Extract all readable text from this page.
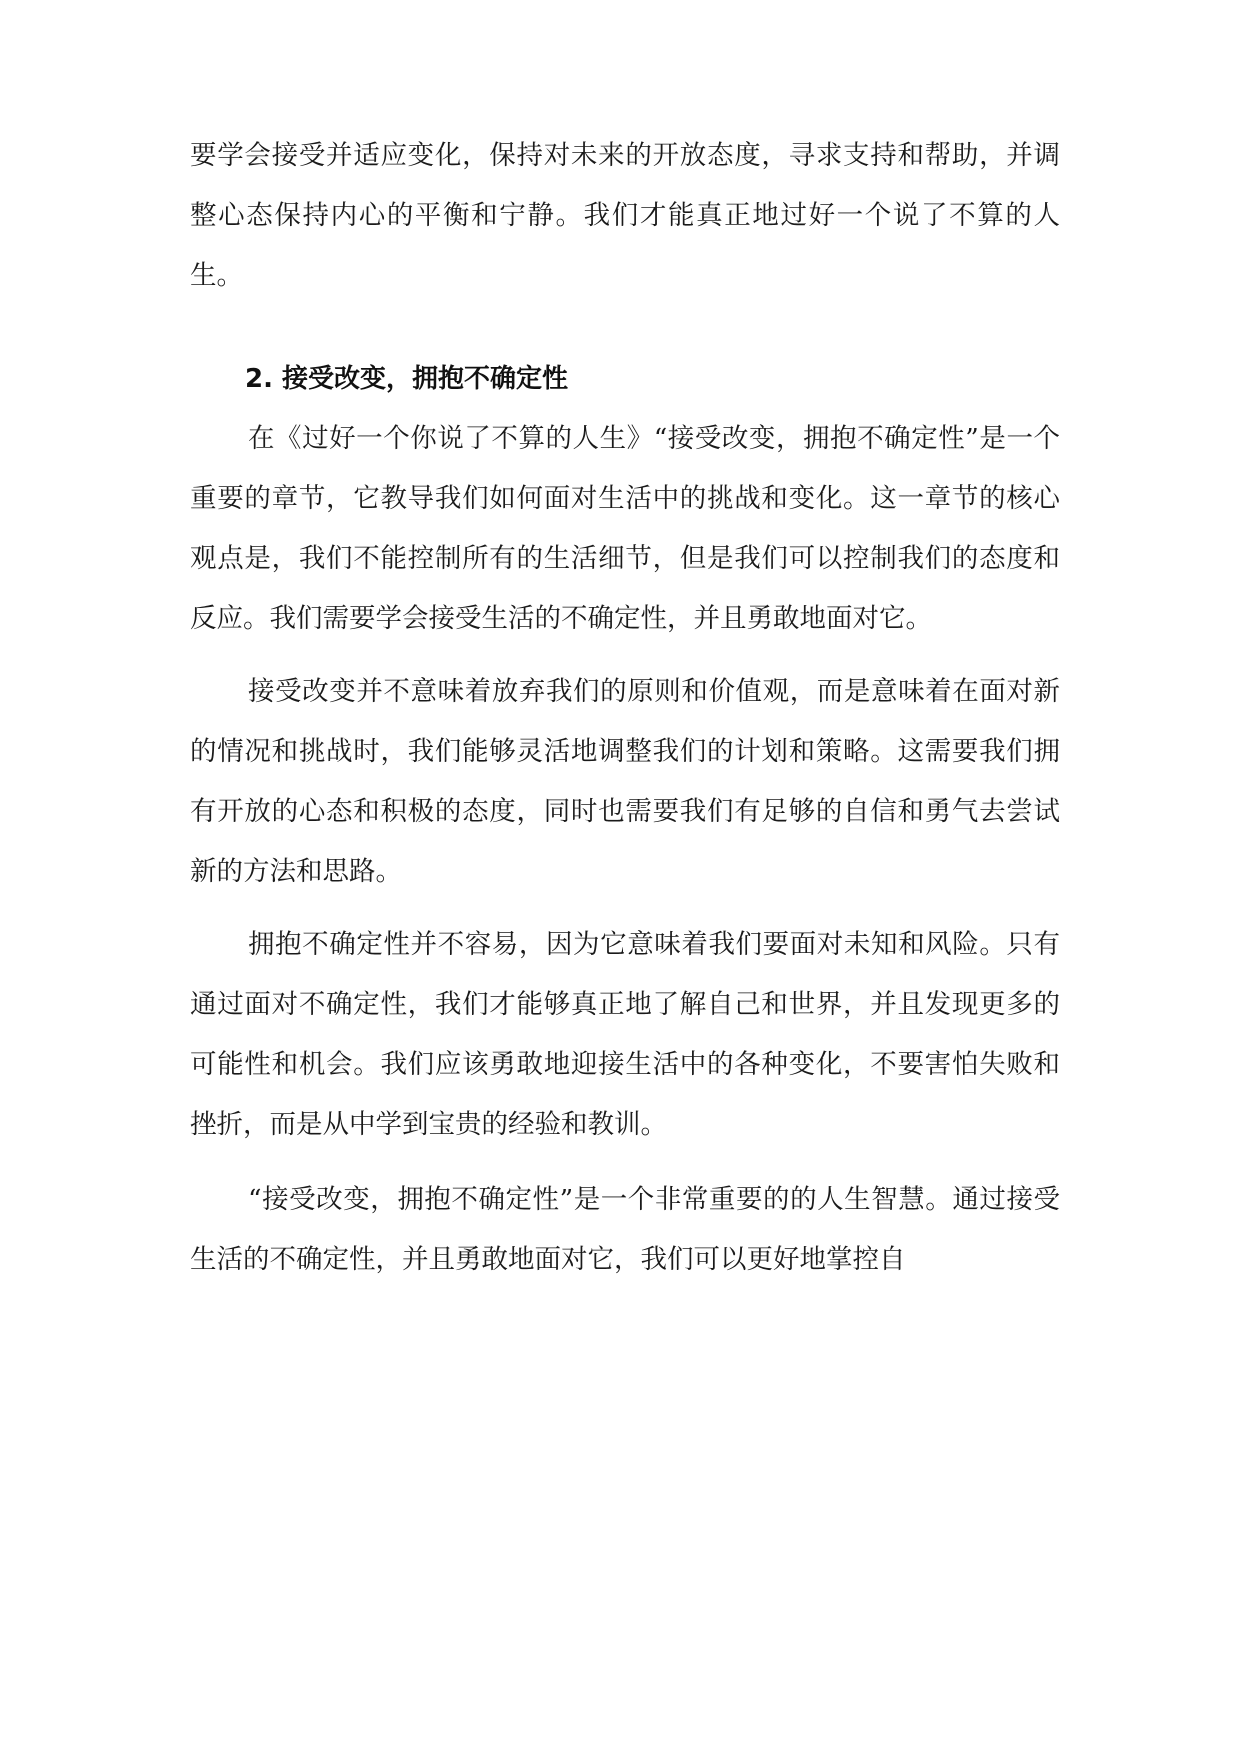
要学会接受并适应变化，保持对未来的开放态度，寻求支持和帮助，并调整心态保持内心的平衡和宁静。我们才能真正地过好一个说了不算的人生。

2. 接受改变，拥抱不确定性

在《过好一个你说了不算的人生》“接受改变，拥抱不确定性”是一个重要的章节，它教导我们如何面对生活中的挑战和变化。这一章节的核心观点是，我们不能控制所有的生活细节，但是我们可以控制我们的态度和反应。我们需要学会接受生活的不确定性，并且勇敢地面对它。

接受改变并不意味着放弃我们的原则和价值观，而是意味着在面对新的情况和挑战时，我们能够灵活地调整我们的计划和策略。这需要我们拥有开放的心态和积极的态度，同时也需要我们有足够的自信和勇气去尝试新的方法和思路。

拥抱不确定性并不容易，因为它意味着我们要面对未知和风险。只有通过面对不确定性，我们才能够真正地了解自己和世界，并且发现更多的可能性和机会。我们应该勇敢地迎接生活中的各种变化，不要害怕失败和挫折，而是从中学到宝贵的经验和教训。

“接受改变，拥抱不确定性”是一个非常重要的的人生智慧。通过接受生活的不确定性，并且勇敢地面对它，我们可以更好地掌控自
